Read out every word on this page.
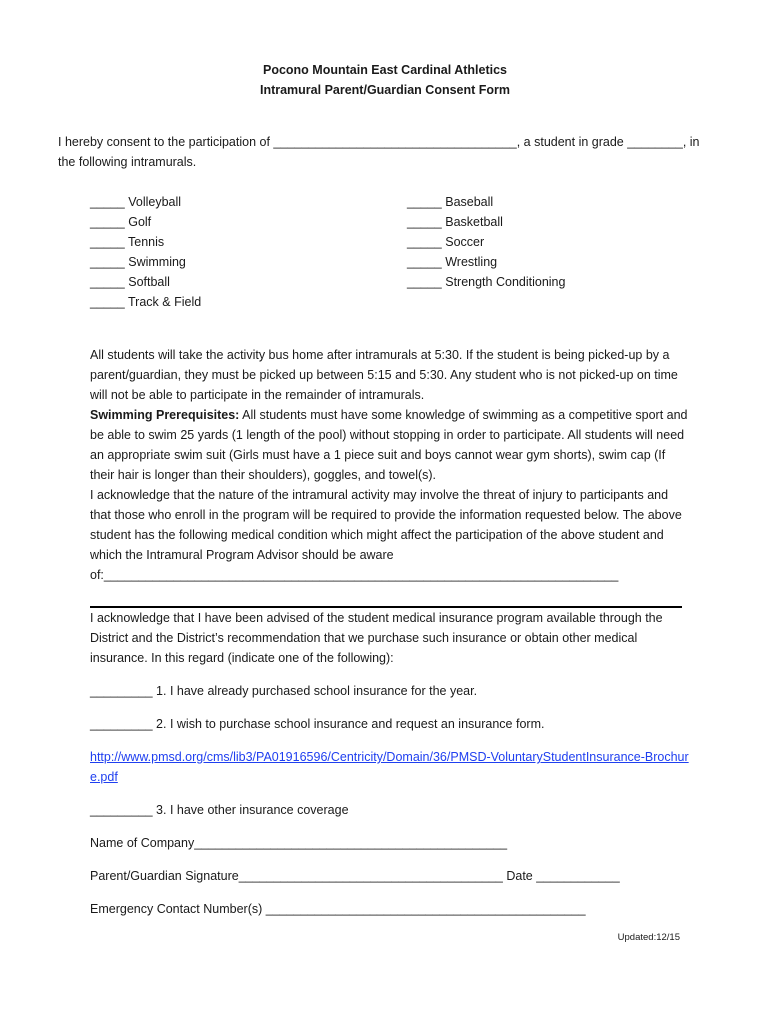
Pocono Mountain East Cardinal Athletics
Intramural Parent/Guardian Consent Form
I hereby consent to the participation of ___________________________________, a student in grade ________, in the following intramurals.
_____ Volleyball
_____ Golf
_____ Tennis
_____ Swimming
_____ Softball
_____ Track & Field
_____ Baseball
_____ Basketball
_____ Soccer
_____ Wrestling
_____ Strength Conditioning
All students will take the activity bus home after intramurals at 5:30. If the student is being picked-up by a parent/guardian, they must be picked up between 5:15 and 5:30. Any student who is not picked-up on time will not be able to participate in the remainder of intramurals.
Swimming Prerequisites: All students must have some knowledge of swimming as a competitive sport and be able to swim 25 yards (1 length of the pool) without stopping in order to participate. All students will need an appropriate swim suit (Girls must have a 1 piece suit and boys cannot wear gym shorts), swim cap (If their hair is longer than their shoulders), goggles, and towel(s).
I acknowledge that the nature of the intramural activity may involve the threat of injury to participants and that those who enroll in the program will be required to provide the information requested below. The above student has the following medical condition which might affect the participation of the above student and which the Intramural Program Advisor should be aware of:__________________________________________________________________________
I acknowledge that I have been advised of the student medical insurance program available through the District and the District’s recommendation that we purchase such insurance or obtain other medical insurance. In this regard (indicate one of the following):
_________ 1. I have already purchased school insurance for the year.
_________ 2. I wish to purchase school insurance and request an insurance form.
http://www.pmsd.org/cms/lib3/PA01916596/Centricity/Domain/36/PMSD-VoluntaryStudentInsurance-Brochure.pdf
_________ 3. I have other insurance coverage
Name of Company_____________________________________________
Parent/Guardian Signature______________________________________ Date ____________
Emergency Contact Number(s) ______________________________________________
Updated:12/15
